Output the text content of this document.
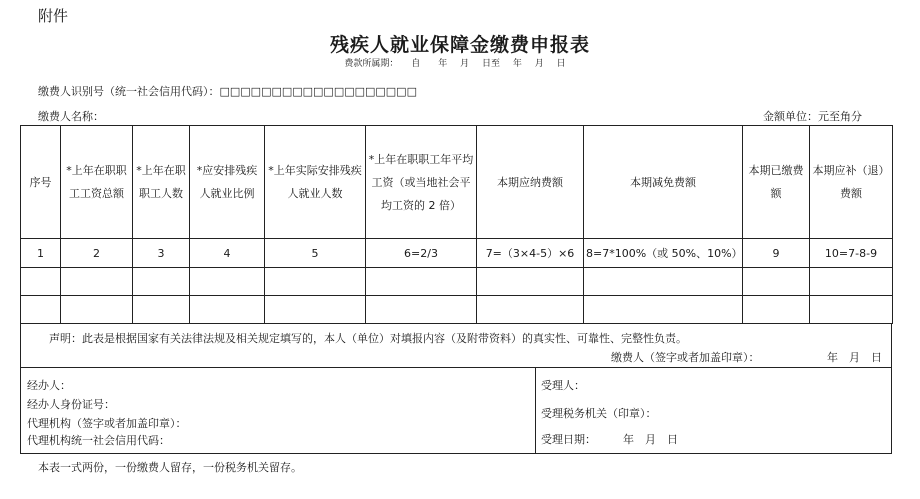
附件
残疾人就业保障金缴费申报表
费款所属期： 自　　年 月 日至 年 月 日
缴费人识别号（统一社会信用代码）：□□□□□□□□□□□□□□□□□□□
缴费人名称：	金额单位：元至角分
序号	*上年在职职工工资总额	*上年在职职工人数	*应安排残疾人就业比例	*上年实际安排残疾人就业人数	*上年在职职工年平均工资（或当地社会平均工资的 2 倍）	本期应纳费额	本期减免费额	本期已缴费额	本期应补（退）费额
1	2	3	4	5	6=2/3	7=（3×4-5）×6	8=7*100%（或 50%、10%）	9	10=7-8-9

声明：此表是根据国家有关法律法规及相关规定填写的，本人（单位）对填报内容（及附带资料）的真实性、可靠性、完整性负责。
缴费人（签字或者加盖印章）：	年　月　日
经办人：
经办人身份证号：
代理机构（签字或者加盖印章）：
代理机构统一社会信用代码：
受理人：
受理税务机关（印章）：
受理日期： 年　月　日
本表一式两份，一份缴费人留存，一份税务机关留存。
